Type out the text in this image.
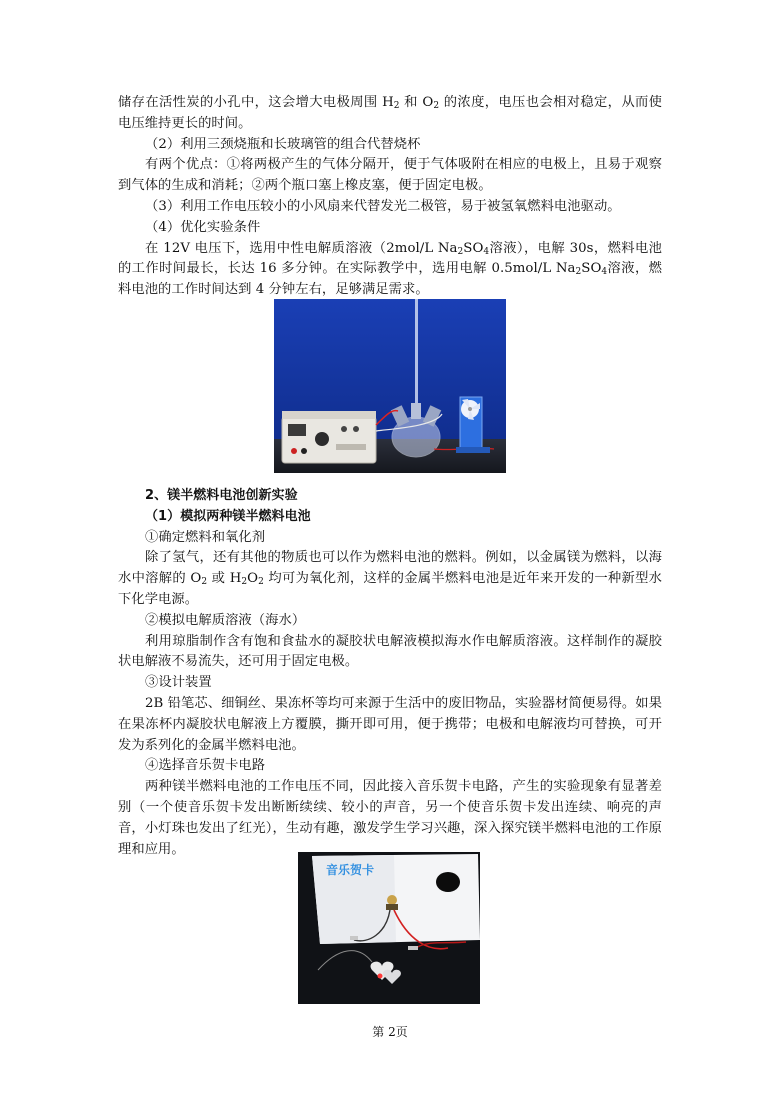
储存在活性炭的小孔中，这会增大电极周围 $H_2$ 和 $O_2$ 的浓度，电压也会相对稳定，从而使电压维持更长的时间。

（2）利用三颈烧瓶和长玻璃管的组合代替烧杯

有两个优点：①将两极产生的气体分隔开，便于气体吸附在相应的电极上，且易于观察到气体的生成和消耗；②两个瓶口塞上橡皮塞，便于固定电极。

（3）利用工作电压较小的小风扇来代替发光二极管，易于被氢氧燃料电池驱动。

（4）优化实验条件

在 12V 电压下，选用中性电解质溶液（2mol/L $Na_2SO_4$溶液），电解 30s，燃料电池的工作时间最长，长达 16 多分钟。在实际教学中，选用电解 0.5mol/L $Na_2SO_4$溶液，燃料电池的工作时间达到 4 分钟左右，足够满足需求。

2、镁半燃料电池创新实验

（1）模拟两种镁半燃料电池

①确定燃料和氧化剂

除了氢气，还有其他的物质也可以作为燃料电池的燃料。例如，以金属镁为燃料，以海水中溶解的 $O_2$ 或 $H_2O_2$ 均可为氧化剂，这样的金属半燃料电池是近年来开发的一种新型水下化学电源。

②模拟电解质溶液（海水）

利用琼脂制作含有饱和食盐水的凝胶状电解液模拟海水作电解质溶液。这样制作的凝胶状电解液不易流失，还可用于固定电极。

③设计装置

2B 铅笔芯、细铜丝、果冻杯等均可来源于生活中的废旧物品，实验器材简便易得。如果在果冻杯内凝胶状电解液上方覆膜，撕开即可用，便于携带；电极和电解液均可替换，可开发为系列化的金属半燃料电池。

④选择音乐贺卡电路

两种镁半燃料电池的工作电压不同，因此接入音乐贺卡电路，产生的实验现象有显著差别（一个使音乐贺卡发出断断续续、较小的声音，另一个使音乐贺卡发出连续、响亮的声音，小灯珠也发出了红光），生动有趣，激发学生学习兴趣，深入探究镁半燃料电池的工作原理和应用。

音乐贺卡
第 2页
